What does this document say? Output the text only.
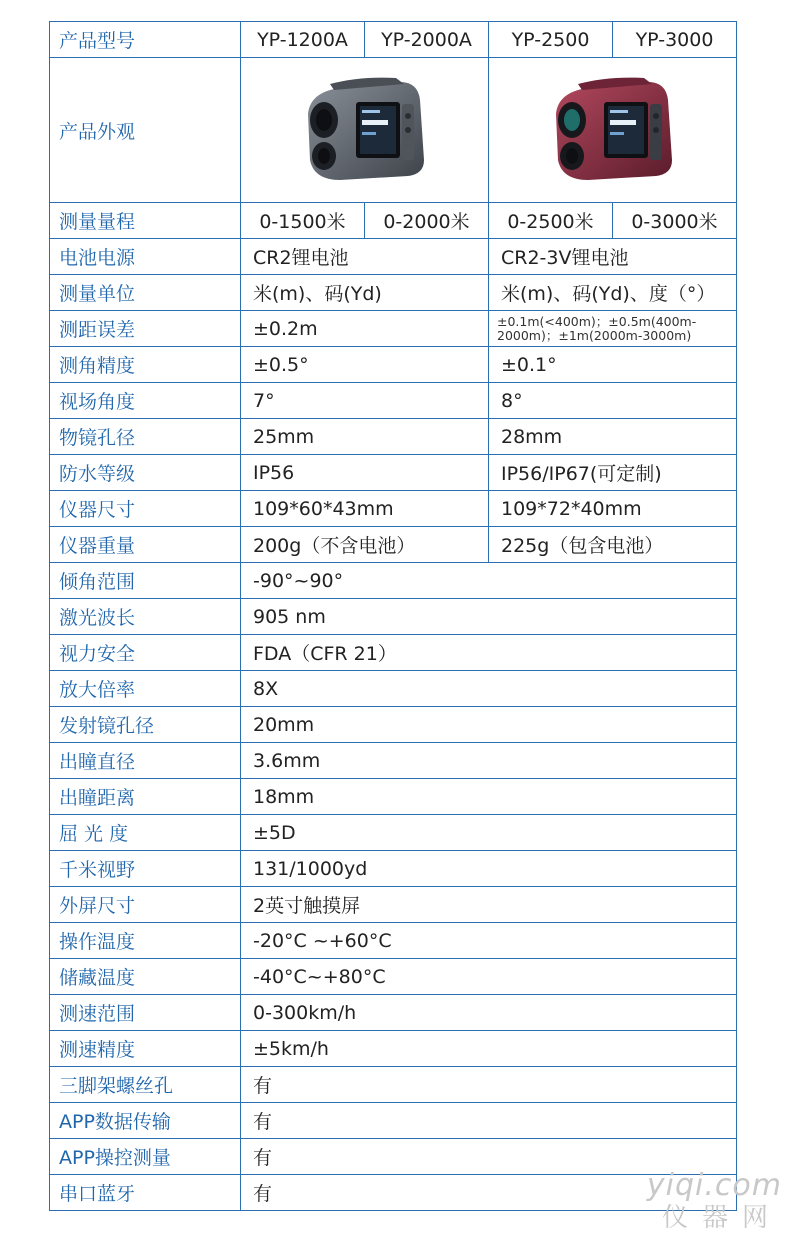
产品型号	YP-1200A	YP-2000A	YP-2500	YP-3000
产品外观	

测量量程	0-1500米	0-2000米	0-2500米	0-3000米
电池电源	CR2锂电池		CR2-3V锂电池	
测量单位	米(m)、码(Yd)		米(m)、码(Yd)、度（°）	
测距误差	±0.2m		±0.1m(<400m)；±0.5m(400m-2000m)；±1m(2000m-3000m)	
测角精度	±0.5°		±0.1°	
视场角度	7°		8°	
物镜孔径	25mm		28mm	
防水等级	IP56		IP56/IP67(可定制)	
仪器尺寸	109*60*43mm		109*72*40mm	
仪器重量	200g（不含电池）		225g（包含电池）	
倾角范围	-90°~90°			
激光波长	905 nm			
视力安全	FDA（CFR 21）			
放大倍率	8X			
发射镜孔径	20mm			
出瞳直径	3.6mm			
出瞳距离	18mm			
屈 光 度	±5D			
千米视野	131/1000yd			
外屏尺寸	2英寸触摸屏			
操作温度	-20°C ~+60°C			
储藏温度	-40°C~+80°C			
测速范围	0-300km/h			
测速精度	±5km/h			
三脚架螺丝孔	有			
APP数据传输	有			
APP操控测量	有			
串口蓝牙	有				yiqi.com
仪器网
